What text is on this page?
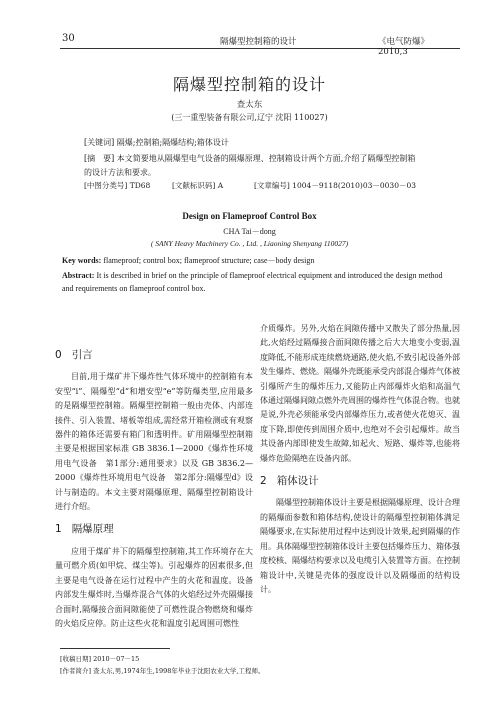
30	隔爆型控制箱的设计	《电气防爆》 2010,3
隔爆型控制箱的设计
查太东
(三一重型装备有限公司,辽宁 沈阳 110027)
[关键词] 隔爆;控制箱;隔爆结构;箱体设计
[摘　要] 本文简要地从隔爆型电气设备的隔爆原理、控制箱设计两个方面,介绍了隔爆型控制箱的设计方法和要求。
[中图分类号] TD68	[文献标识码] A	[文章编号] 1004－9118(2010)03－0030－03
Design on Flameproof Control Box
CHA Tai－dong
( SANY Heavy Machinery Co. , Ltd. , Liaoning Shenyang 110027)
Key words: flameproof; control box; flameproof structure; case－body design
Abstract: It is described in brief on the principle of flameproof electrical equipment and introduced the design method and requirements on flameproof control box.
0 引言

目前,用于煤矿井下爆炸性气体环境中的控制箱有本安型“i”、隔爆型“d”和增安型“e”等防爆类型,应用最多的是隔爆型控制箱。隔爆型控制箱一般由壳体、内部连接件、引入装置、堵板等组成,需经常开箱检测或有观察器件的箱体还需要有箱门和透明件。矿用隔爆型控制箱主要是根据国家标准 GB 3836.1—2000《爆炸性环境用电气设备　第1部分:通用要求》以及 GB 3836.2—2000《爆炸性环境用电气设备　第2部分:隔爆型d》设计与制造的。本文主要对隔爆原理、隔爆型控制箱设计进行介绍。

1 隔爆原理

应用于煤矿井下的隔爆型控制箱,其工作环境存在大量可燃介质(如甲烷、煤尘等)。引起爆炸的因素很多,但主要是电气设备在运行过程中产生的火花和温度。设备内部发生爆炸时,当爆炸混合气体的火焰经过外壳隔爆接合面时,隔爆接合面间隙能使了可燃性混合物燃烧和爆炸的火焰反应停。防止这些火花和温度引起周围可燃性

介质爆炸。另外,火焰在间隙传播中又散失了部分热量,因此,火焰经过隔爆接合面间隙传播之后大大地变小变弱,温度降低,不能形成连续燃烧通路,使火焰,不致引起设备外部发生爆炸、燃烧。隔爆外壳既能承受内部混合爆炸气体被引爆所产生的爆炸压力,又能防止内部爆炸火焰和高温气体通过隔爆间隙点燃外壳周围的爆炸性气体混合物。也就是说,外壳必须能承受内部爆炸压力,或者使火花熄灭、温度下降,即使传到周围介质中,也绝对不会引起爆炸。故当其设备内部即使发生故障,如起火、短路、爆炸等,也能将爆炸危险隔绝在设备内部。

2 箱体设计

隔爆型控制箱体设计主要是根据隔爆原理、设计合理的隔爆面参数和箱体结构,使设计的隔爆型控制箱体满足隔爆要求,在实际使用过程中达到设计效果,起到隔爆的作用。具体隔爆型控制箱体设计主要包括爆炸压力、箱体强度校核、隔爆结构要求以及电缆引入装置等方面。在控制箱设计中,关键是壳体的强度设计以及隔爆面的结构设计。

[收稿日期] 2010－07－15
[作者简介] 查太东,男,1974年生,1998年毕业于沈阳农业大学,工程师。
